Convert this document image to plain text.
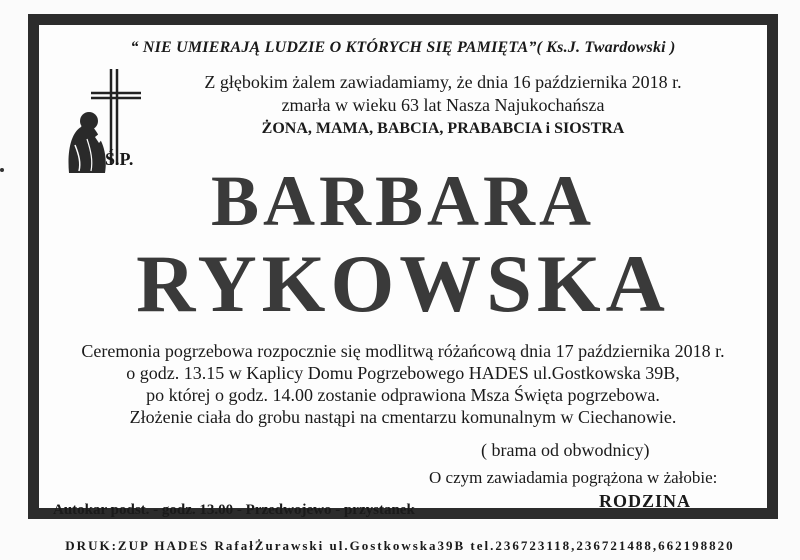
“ NIE UMIERAJĄ LUDZIE O KTÓRYCH SIĘ PAMIĘTA”( Ks.J. Twardowski )
Ś.P.
Z głębokim żalem zawiadamiamy, że dnia 16 października 2018 r.
zmarła w wieku 63 lat Nasza Najukochańsza
ŻONA, MAMA, BABCIA, PRABABCIA i SIOSTRA
BARBARA
RYKOWSKA
Ceremonia pogrzebowa rozpocznie się modlitwą różańcową dnia 17 października 2018 r.
o godz. 13.15 w Kaplicy Domu Pogrzebowego HADES ul.Gostkowska 39B,
po której o godz. 14.00 zostanie odprawiona Msza Święta pogrzebowa.
Złożenie ciała do grobu nastąpi na cmentarzu komunalnym w Ciechanowie.
( brama od obwodnicy)
O czym zawiadamia pogrążona w żałobie:
RODZINA
Autokar podst. - godz. 13.00 - Przedwojewo - przystanek
DRUK:ZUP HADES RafałŻurawski ul.Gostkowska39B tel.236723118,236721488,662198820
